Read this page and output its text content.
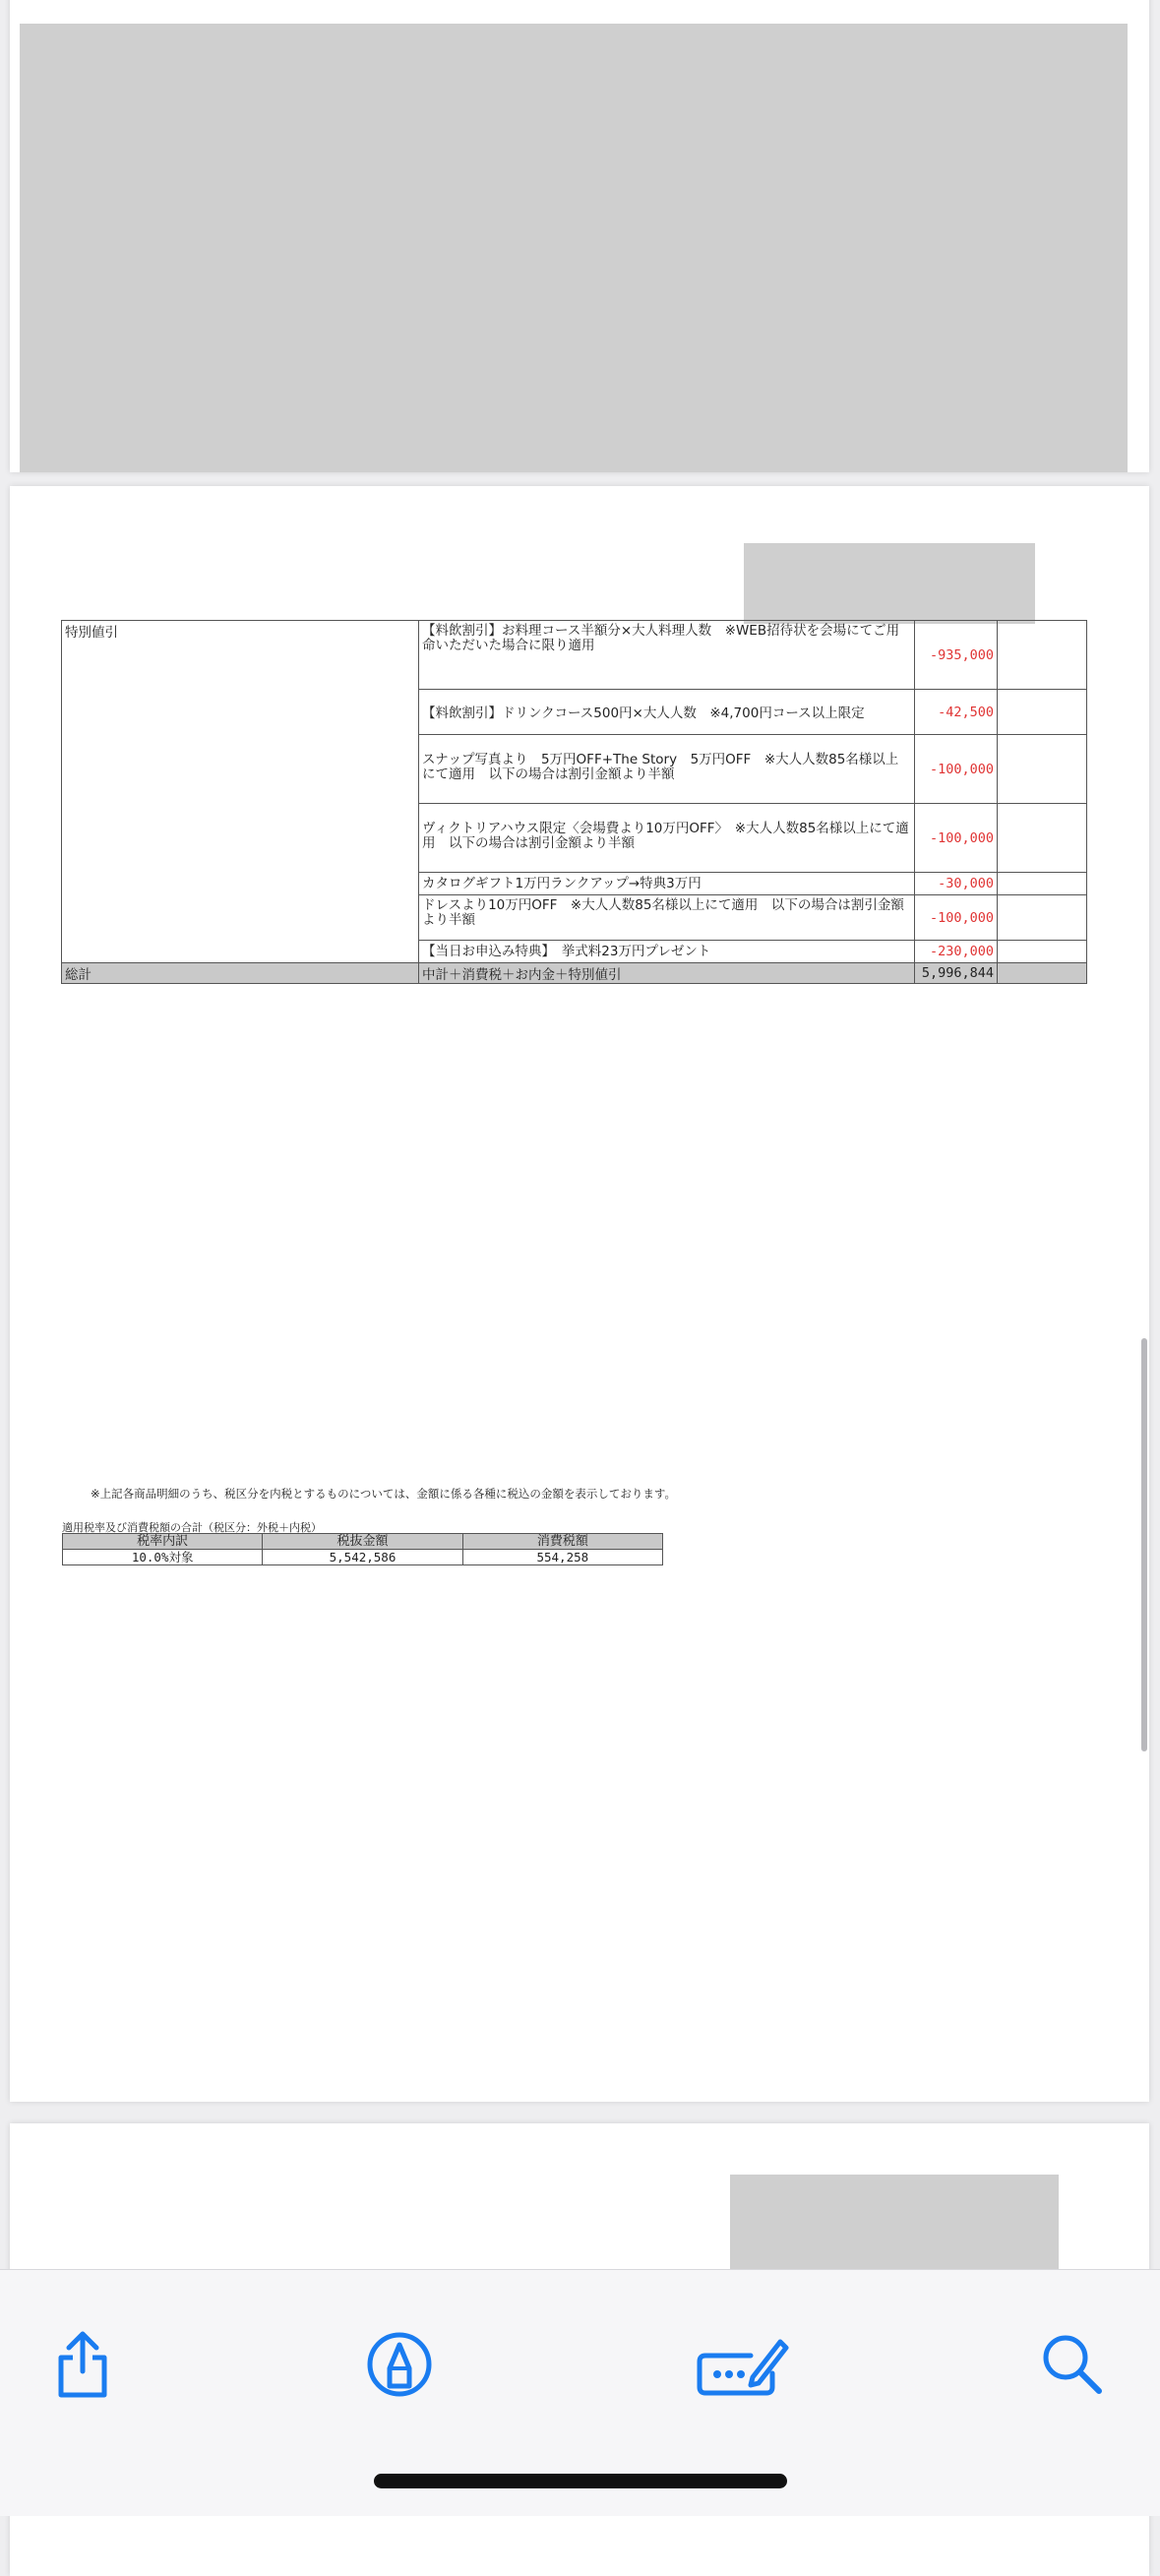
特別値引	【料飲割引】お料理コース半額分×大人料理人数　※WEB招待状を会場にてご用命いただいた場合に限り適用	-935,000	
	【料飲割引】ドリンクコース500円×大人人数　※4,700円コース以上限定	-42,500	
	スナップ写真より　5万円OFF+The Story　5万円OFF　※大人人数85名様以上にて適用　以下の場合は割引金額より半額	-100,000	
	ヴィクトリアハウス限定〈会場費より10万円OFF〉　※大人人数85名様以上にて適用　以下の場合は割引金額より半額	-100,000	
	カタログギフト1万円ランクアップ→特典3万円	-30,000	
	ドレスより10万円OFF　※大人人数85名様以上にて適用　以下の場合は割引金額より半額	-100,000	
	【当日お申込み特典】　挙式料23万円プレゼント	-230,000	
総計	中計＋消費税＋お内金＋特別値引	5,996,844	
※上記各商品明細のうち、税区分を内税とするものについては、金額に係る各種に税込の金額を表示しております。
適用税率及び消費税額の合計（税区分：外税＋内税）
税率内訳	税抜金額	消費税額
10.0%対象	5,542,586	554,258
